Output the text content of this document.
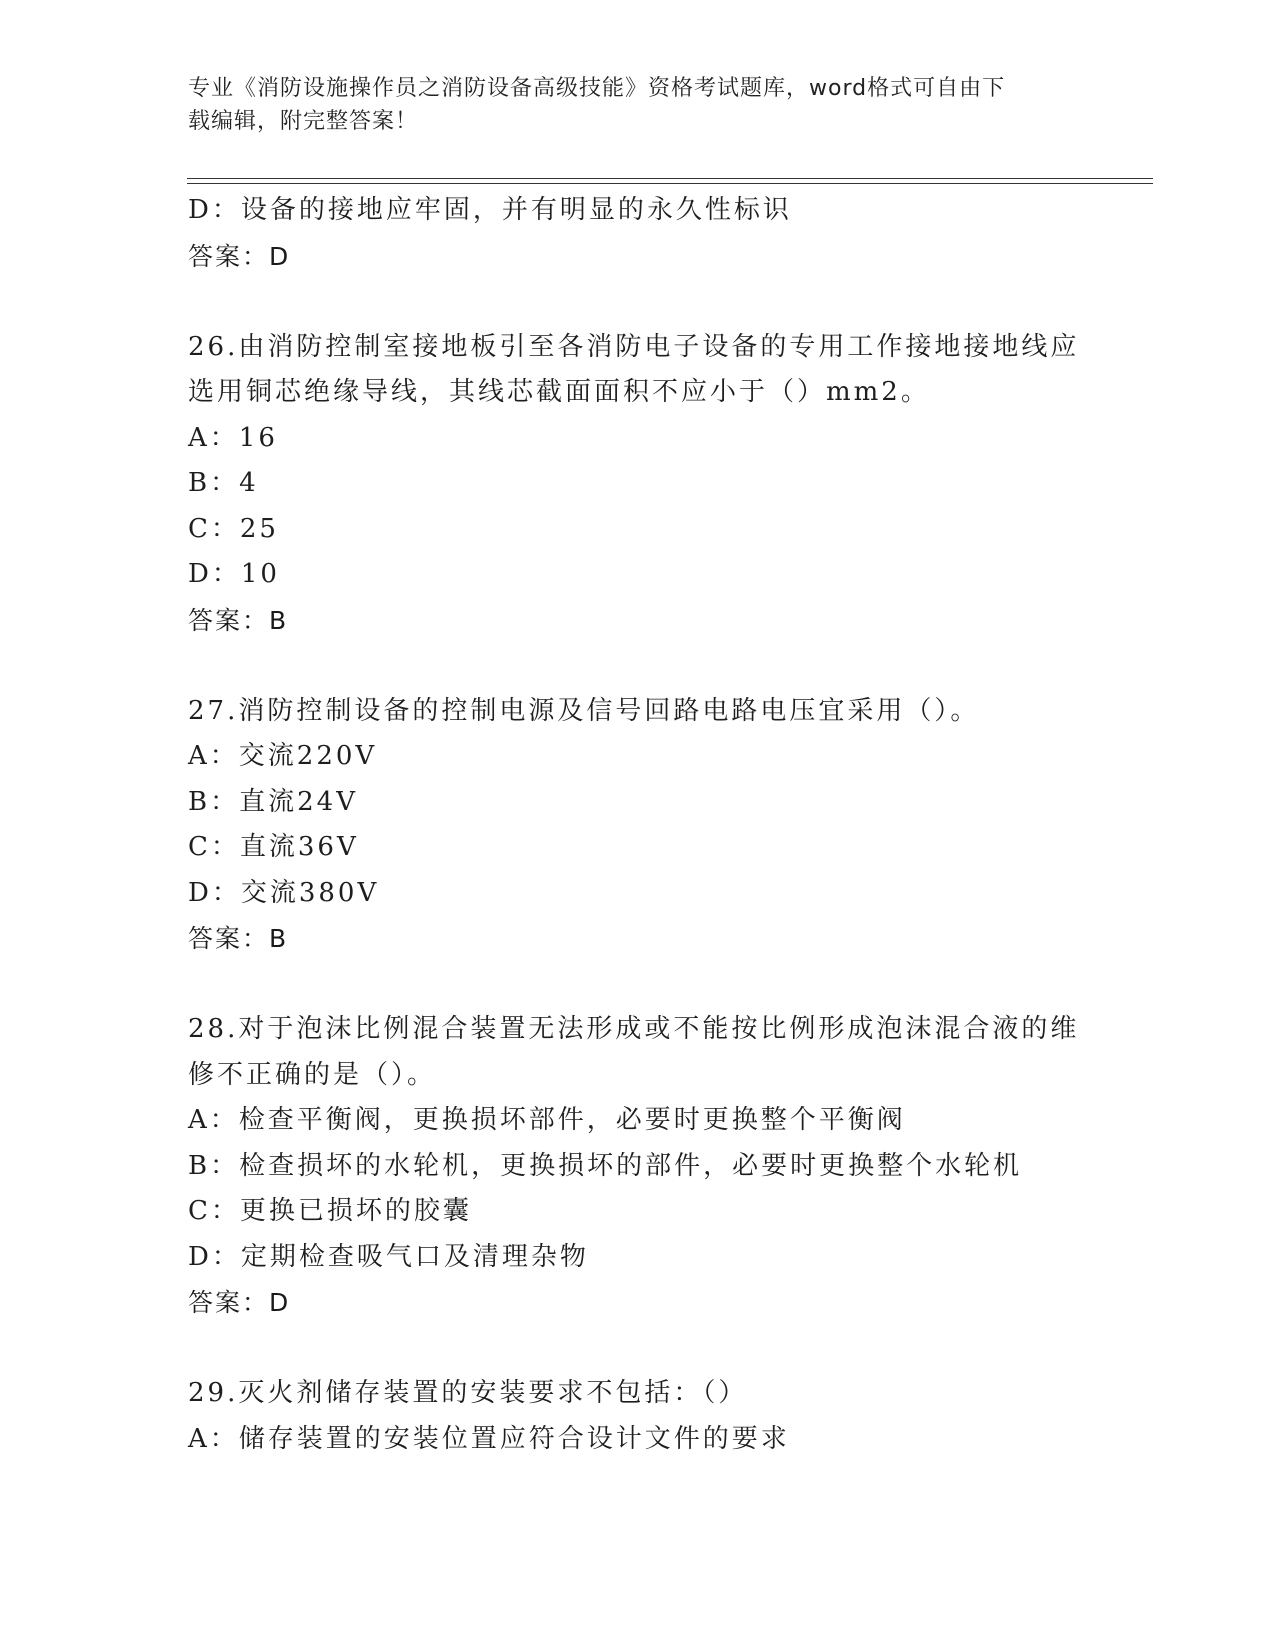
专业《消防设施操作员之消防设备高级技能》资格考试题库，word格式可自由下
载编辑，附完整答案！
D：设备的接地应牢固，并有明显的永久性标识
答案：D
26.由消防控制室接地板引至各消防电子设备的专用工作接地接地线应
选用铜芯绝缘导线，其线芯截面面积不应小于（）mm2。
A：16
B：4
C：25
D：10
答案：B
27.消防控制设备的控制电源及信号回路电路电压宜采用（）。
A：交流220V
B：直流24V
C：直流36V
D：交流380V
答案：B
28.对于泡沫比例混合装置无法形成或不能按比例形成泡沫混合液的维
修不正确的是（）。
A：检查平衡阀，更换损坏部件，必要时更换整个平衡阀
B：检查损坏的水轮机，更换损坏的部件，必要时更换整个水轮机
C：更换已损坏的胶囊
D：定期检查吸气口及清理杂物
答案：D
29.灭火剂储存装置的安装要求不包括：（）
A：储存装置的安装位置应符合设计文件的要求
